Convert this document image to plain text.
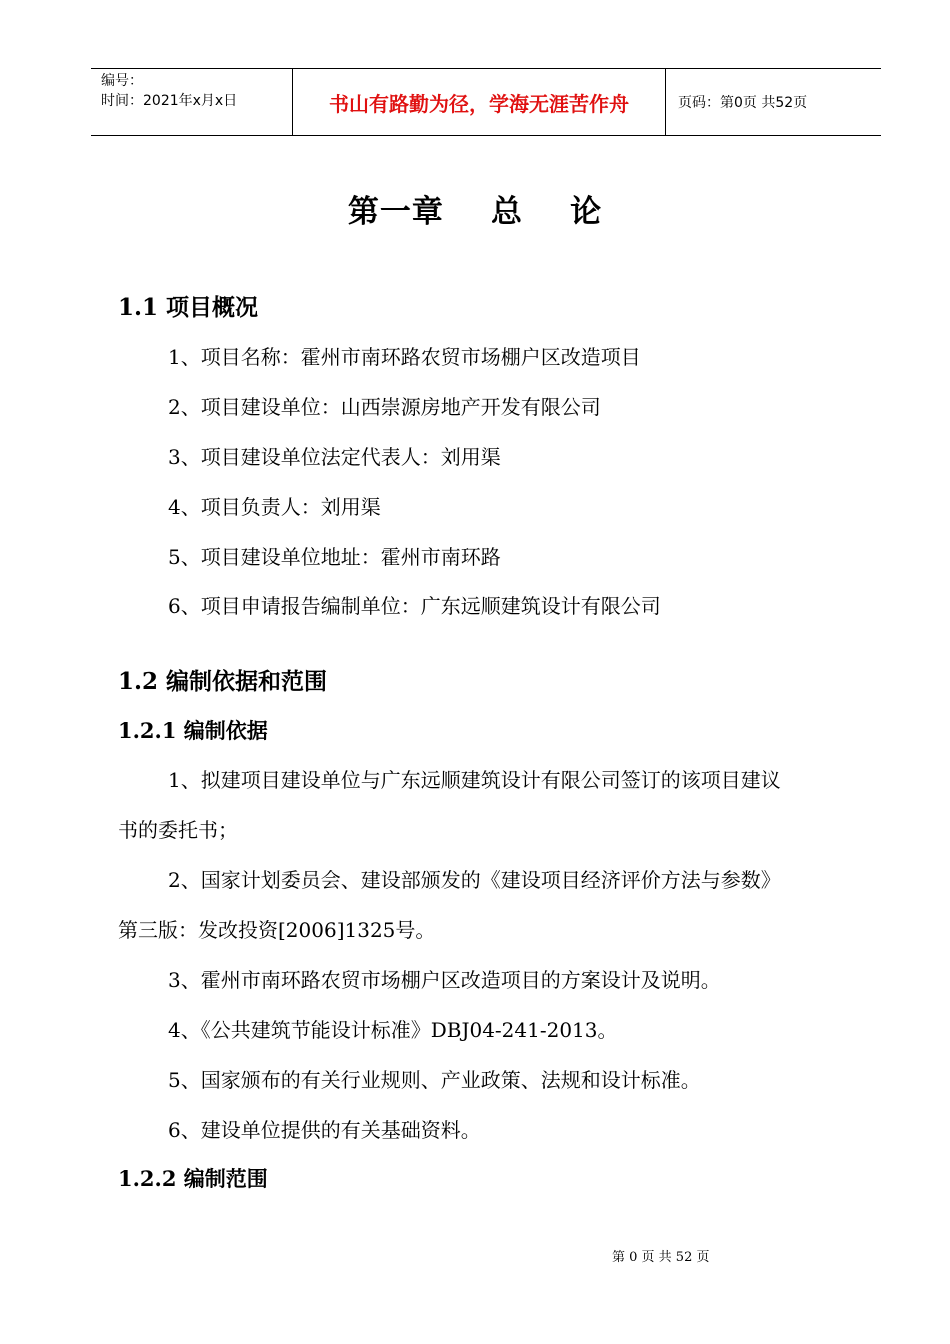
编号：
时间：2021年x月x日	书山有路勤为径，学海无涯苦作舟	页码：第0页 共52页
第一章    总    论
1.1 项目概况
1、项目名称：霍州市南环路农贸市场棚户区改造项目
2、项目建设单位：山西崇源房地产开发有限公司
3、项目建设单位法定代表人：刘用渠
4、项目负责人：刘用渠
5、项目建设单位地址：霍州市南环路
6、项目申请报告编制单位：广东远顺建筑设计有限公司
1.2 编制依据和范围
1.2.1 编制依据
1、拟建项目建设单位与广东远顺建筑设计有限公司签订的该项目建议
书的委托书；
2、国家计划委员会、建设部颁发的《建设项目经济评价方法与参数》
第三版：发改投资[2006]1325号。
3、霍州市南环路农贸市场棚户区改造项目的方案设计及说明。
4、《公共建筑节能设计标准》DBJ04-241-2013。
5、国家颁布的有关行业规则、产业政策、法规和设计标准。
6、建设单位提供的有关基础资料。
1.2.2 编制范围
第 0 页 共 52 页
